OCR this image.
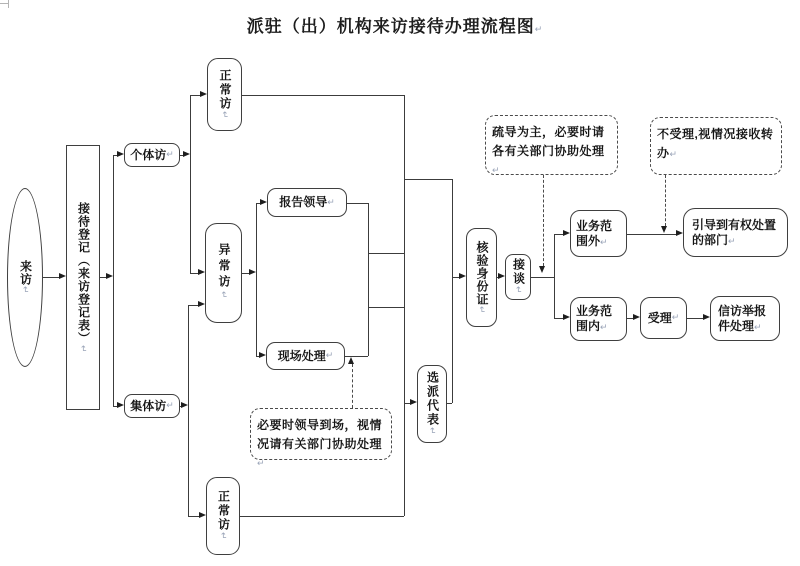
派驻（出）机构来访接待办理流程图↵
来访
↵	接待登记（来访登记表）
↵
个体访 ↵
集体访 ↵
正常访
↵
异常访
↵
报告领导 ↵
现场处理 ↵
正常访
↵
选派代表
↵
核验身份证
↵
接谈
↵
业务范围外↵
业务范围内↵
引导到有权处置的部门↵
受理 ↵	信访举报件处理↵
疏导为主，必要时请各有关部门协助处理↵
不受理,视情况接收转办↵
必要时领导到场，视情况请有关部门协助处理↵
